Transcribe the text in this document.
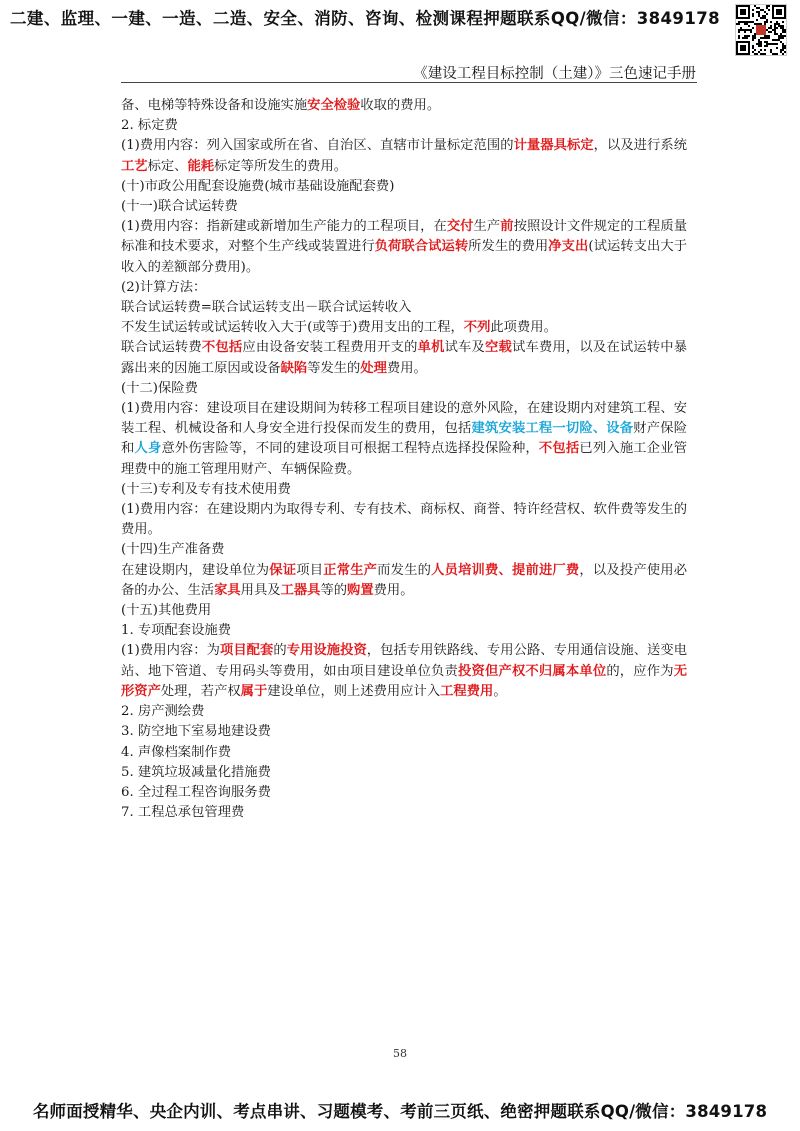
二建、监理、一建、一造、二造、安全、消防、咨询、检测课程押题联系QQ/微信：3849178
《建设工程目标控制（土建）》三色速记手册

备、电梯等特殊设备和设施实施安全检验收取的费用。

2. 标定费

(1)费用内容：列入国家或所在省、自治区、直辖市计量标定范围的计量器具标定，以及进行系统工艺标定、能耗标定等所发生的费用。

(十)市政公用配套设施费(城市基础设施配套费)

(十一)联合试运转费

(1)费用内容：指新建或新增加生产能力的工程项目，在交付生产前按照设计文件规定的工程质量标准和技术要求，对整个生产线或装置进行负荷联合试运转所发生的费用净支出(试运转支出大于收入的差额部分费用)。

(2)计算方法：

联合试运转费=联合试运转支出－联合试运转收入

不发生试运转或试运转收入大于(或等于)费用支出的工程，不列此项费用。

联合试运转费不包括应由设备安装工程费用开支的单机试车及空载试车费用，以及在试运转中暴露出来的因施工原因或设备缺陷等发生的处理费用。

(十二)保险费

(1)费用内容：建设项目在建设期间为转移工程项目建设的意外风险，在建设期内对建筑工程、安装工程、机械设备和人身安全进行投保而发生的费用，包括建筑安装工程一切险、设备财产保险和人身意外伤害险等，不同的建设项目可根据工程特点选择投保险种，不包括已列入施工企业管理费中的施工管理用财产、车辆保险费。

(十三)专利及专有技术使用费

(1)费用内容：在建设期内为取得专利、专有技术、商标权、商誉、特许经营权、软件费等发生的费用。

(十四)生产准备费

在建设期内，建设单位为保证项目正常生产而发生的人员培训费、提前进厂费，以及投产使用必备的办公、生活家具用具及工器具等的购置费用。

(十五)其他费用

1. 专项配套设施费

(1)费用内容：为项目配套的专用设施投资，包括专用铁路线、专用公路、专用通信设施、送变电站、地下管道、专用码头等费用，如由项目建设单位负责投资但产权不归属本单位的，应作为无形资产处理，若产权属于建设单位，则上述费用应计入工程费用。

2. 房产测绘费

3. 防空地下室易地建设费

4. 声像档案制作费

5. 建筑垃圾减量化措施费

6. 全过程工程咨询服务费

7. 工程总承包管理费

58
名师面授精华、央企内训、考点串讲、习题模考、考前三页纸、绝密押题联系QQ/微信：3849178
